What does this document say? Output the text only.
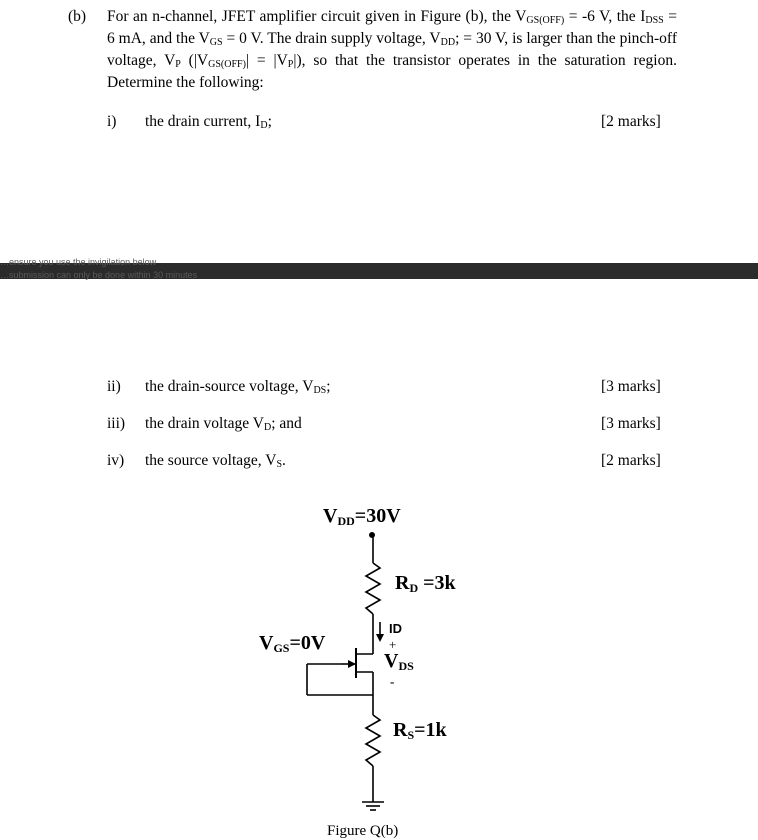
(b) For an n-channel, JFET amplifier circuit given in Figure (b), the $V_{GS(OFF)} = -6$ V, the $I_{DSS} = 6$ mA, and the $V_{GS} = 0$ V. The drain supply voltage, $V_{DD}$; = 30 V, is larger than the pinch-off voltage, $V_P$ $(|V_{GS(OFF)}| = |V_P|)$, so that the transistor operates in the saturation region. Determine the following:
i) the drain current, $I_D$;	[2 marks]
…ensure you use the invigilation below
…submission can only be done within 30 minutes
ii) the drain-source voltage, $V_{DS}$;	[3 marks]
iii) the drain voltage $V_D$; and	[3 marks]
iv) the source voltage, $V_S$.	[2 marks]
$V_{DD}=30V$
$R_D =3k$
ID
+
$V_{DS}$
-
$V_{GS}=0V$
$R_S=1k$
Figure Q(b)
